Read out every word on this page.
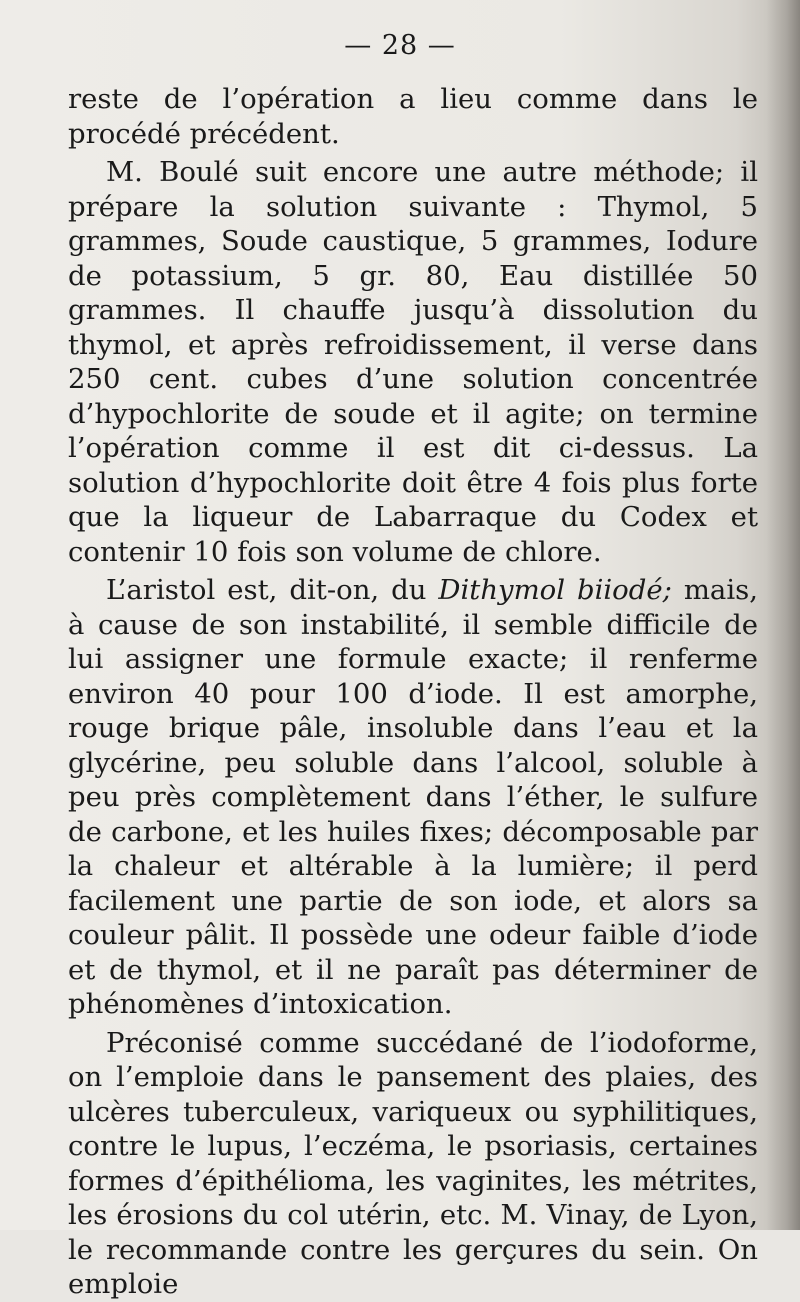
— 28 —

reste de l’opération a lieu comme dans le procédé précédent.

M. Boulé suit encore une autre méthode; il prépare la solution suivante : Thymol, 5 grammes, Soude caustique, 5 grammes, Iodure de potassium, 5 gr. 80, Eau distillée 50 grammes. Il chauffe jusqu’à dissolution du thymol, et après refroidissement, il verse dans 250 cent. cubes d’une solution concentrée d’hypochlorite de soude et il agite; on termine l’opération comme il est dit ci-dessus. La solution d’hypochlorite doit être 4 fois plus forte que la liqueur de Labarraque du Codex et contenir 10 fois son volume de chlore.

L’aristol est, dit-on, du Dithymol biiodé; mais, à cause de son instabilité, il semble difficile de lui assigner une formule exacte; il renferme environ 40 pour 100 d’iode. Il est amorphe, rouge brique pâle, insoluble dans l’eau et la glycérine, peu soluble dans l’alcool, soluble à peu près complètement dans l’éther, le sulfure de carbone, et les huiles fixes; décomposable par la chaleur et altérable à la lumière; il perd facilement une partie de son iode, et alors sa couleur pâlit. Il possède une odeur faible d’iode et de thymol, et il ne paraît pas déterminer de phénomènes d’intoxication.

Préconisé comme succédané de l’iodoforme, on l’emploie dans le pansement des plaies, des ulcères tuberculeux, variqueux ou syphilitiques, contre le lupus, l’eczéma, le psoriasis, certaines formes d’épithélioma, les vaginites, les métrites, les érosions du col utérin, etc. M. Vinay, de Lyon, le recommande contre les gerçures du sein. On emploie
